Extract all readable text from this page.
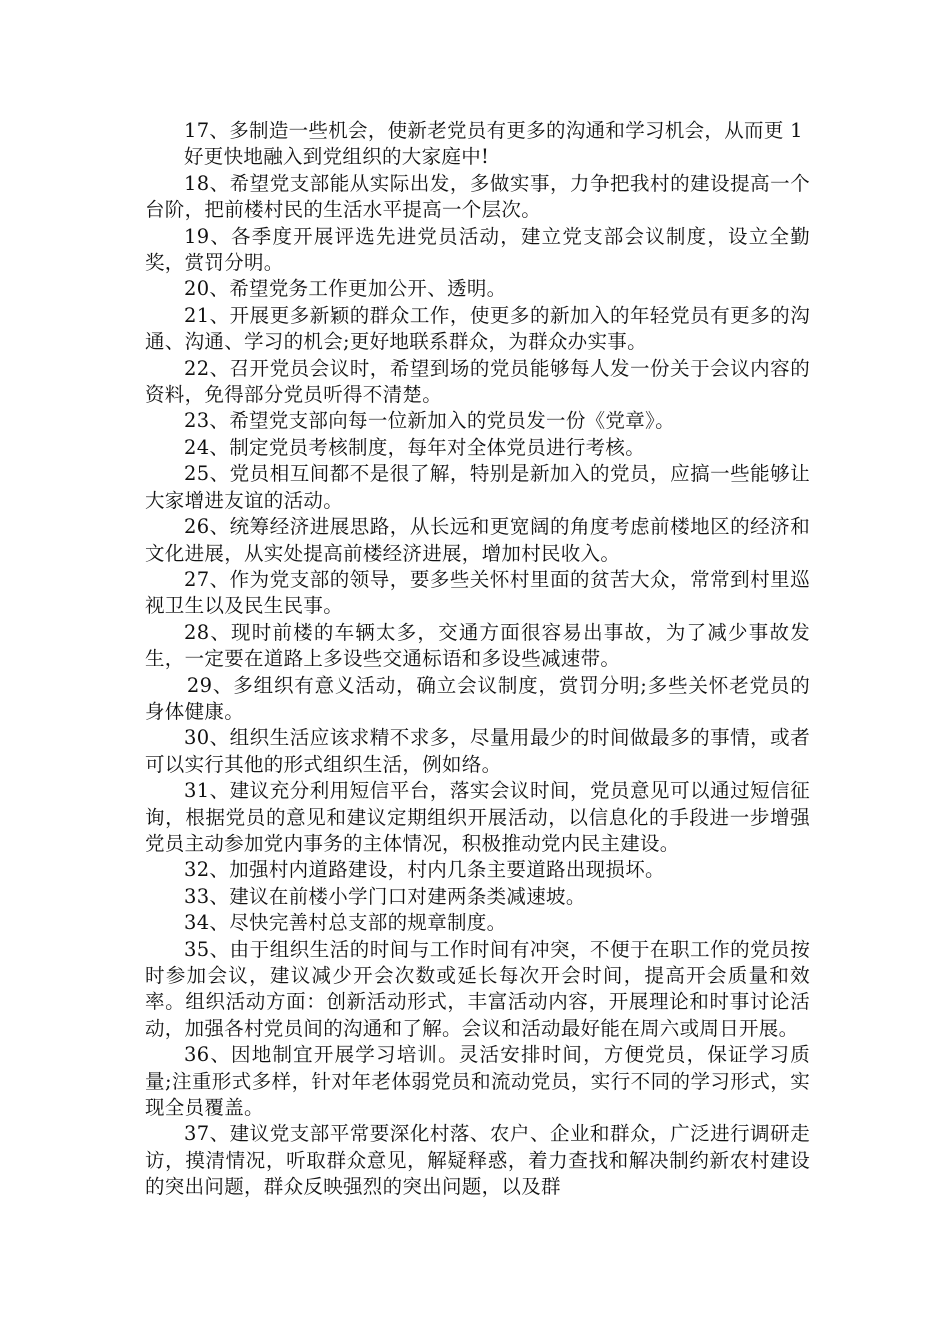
17、多制造一些机会，使新老党员有更多的沟通和学习机会，从而更 1

好更快地融入到党组织的大家庭中!

18、希望党支部能从实际出发，多做实事，力争把我村的建设提高一个台阶，把前楼村民的生活水平提高一个层次。

19、各季度开展评选先进党员活动，建立党支部会议制度，设立全勤奖，赏罚分明。

20、希望党务工作更加公开、透明。

21、开展更多新颖的群众工作，使更多的新加入的年轻党员有更多的沟通、沟通、学习的机会;更好地联系群众，为群众办实事。

22、召开党员会议时，希望到场的党员能够每人发一份关于会议内容的资料，免得部分党员听得不清楚。

23、希望党支部向每一位新加入的党员发一份《党章》。

24、制定党员考核制度，每年对全体党员进行考核。

25、党员相互间都不是很了解，特别是新加入的党员，应搞一些能够让大家增进友谊的活动。

26、统筹经济进展思路，从长远和更宽阔的角度考虑前楼地区的经济和文化进展，从实处提高前楼经济进展，增加村民收入。

27、作为党支部的领导，要多些关怀村里面的贫苦大众，常常到村里巡视卫生以及民生民事。

28、现时前楼的车辆太多，交通方面很容易出事故，为了减少事故发生，一定要在道路上多设些交通标语和多设些减速带。

29、多组织有意义活动，确立会议制度，赏罚分明;多些关怀老党员的身体健康。

30、组织生活应该求精不求多，尽量用最少的时间做最多的事情，或者可以实行其他的形式组织生活，例如络。

31、建议充分利用短信平台，落实会议时间，党员意见可以通过短信征询，根据党员的意见和建议定期组织开展活动，以信息化的手段进一步增强党员主动参加党内事务的主体情况，积极推动党内民主建设。

32、加强村内道路建设，村内几条主要道路出现损坏。

33、建议在前楼小学门口对建两条类减速坡。

34、尽快完善村总支部的规章制度。

35、由于组织生活的时间与工作时间有冲突，不便于在职工作的党员按时参加会议，建议减少开会次数或延长每次开会时间，提高开会质量和效率。组织活动方面：创新活动形式，丰富活动内容，开展理论和时事讨论活动，加强各村党员间的沟通和了解。会议和活动最好能在周六或周日开展。

36、因地制宜开展学习培训。灵活安排时间，方便党员，保证学习质量;注重形式多样，针对年老体弱党员和流动党员，实行不同的学习形式，实现全员覆盖。

37、建议党支部平常要深化村落、农户、企业和群众，广泛进行调研走访，摸清情况，听取群众意见，解疑释惑，着力查找和解决制约新农村建设的突出问题，群众反映强烈的突出问题，以及群
